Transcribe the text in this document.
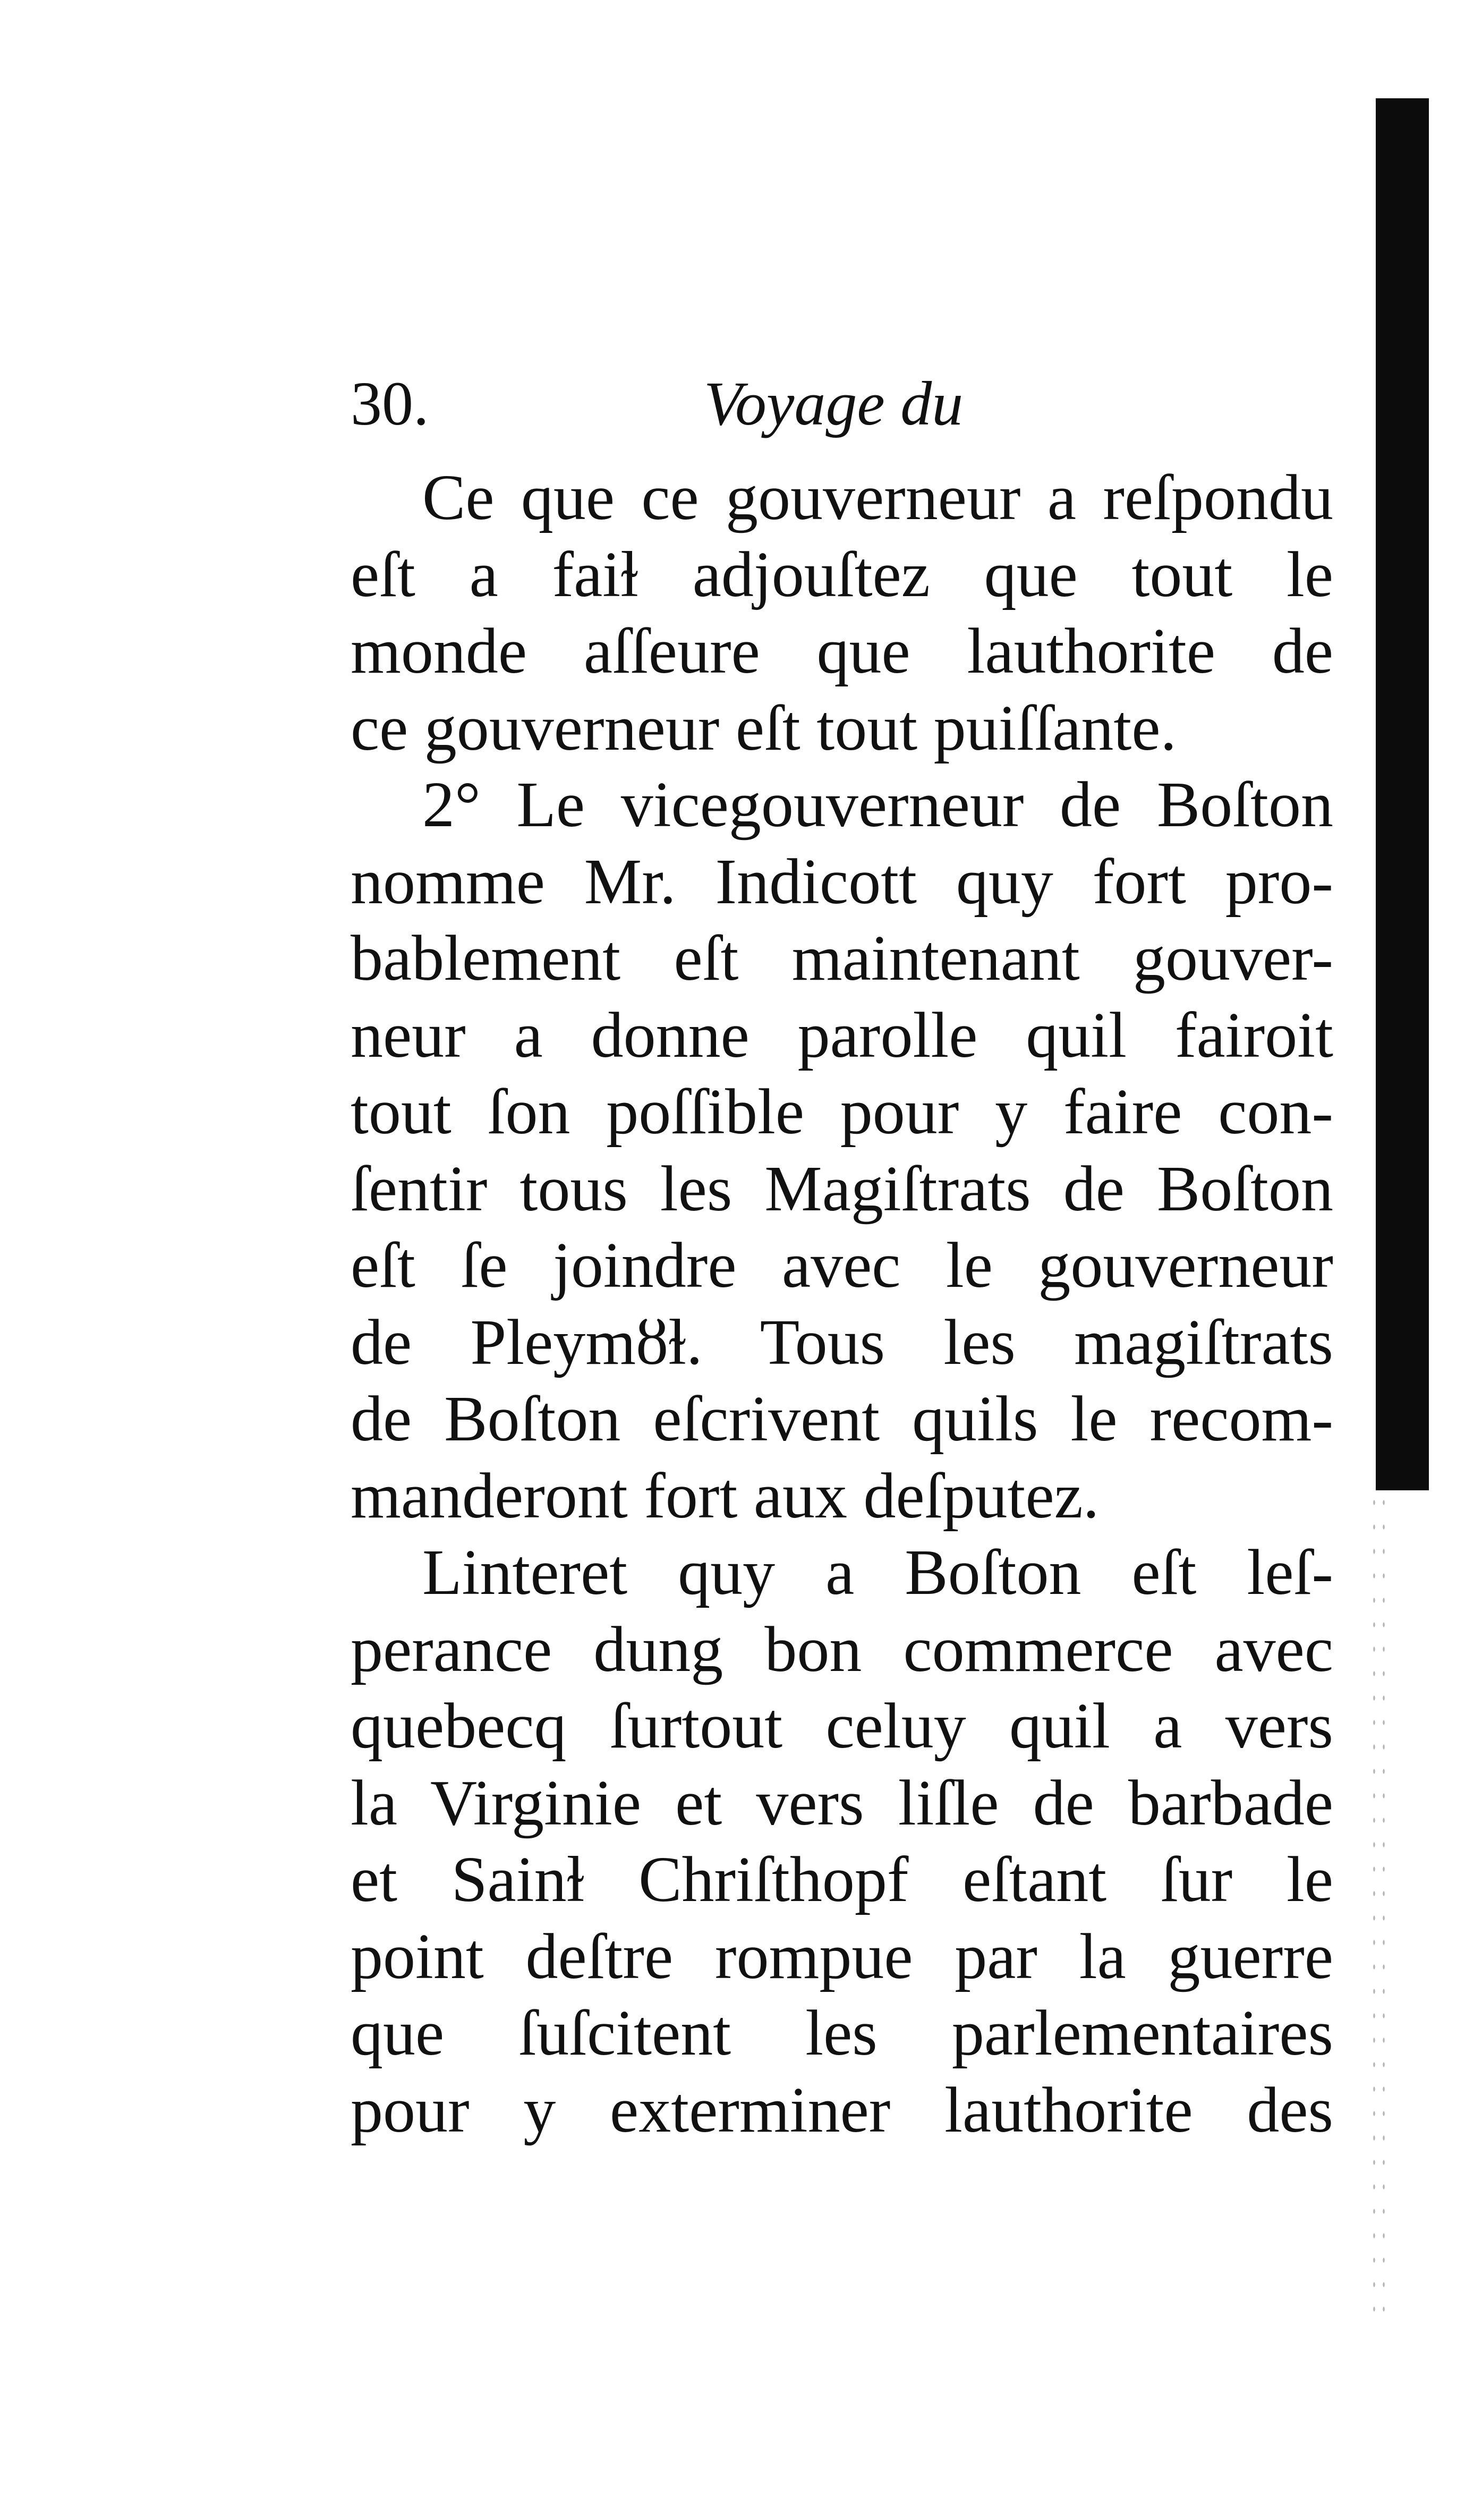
30.	Voyage du
Ce que ce gouverneur a reſpondu
eſt a faiɫ adjouſtez que tout le
monde aſſeure que lauthorite de
ce gouverneur eſt tout puiſſante.
2° Le vicegouverneur de Boſton
nomme Mr. Indicott quy fort pro-
bablement eſt maintenant gouver-
neur a donne parolle quil fairoit
tout ſon poſſible pour y faire con-
ſentir tous les Magiſtrats de Boſton
eſt ſe joindre avec le gouverneur
de Pleymȣɫ. Tous les magiſtrats
de Boſton eſcrivent quils le recom-
manderont fort aux deſputez.
Linteret quy a Boſton eſt leſ-
perance dung bon commerce avec
quebecq ſurtout celuy quil a vers
la Virginie et vers liſle de barbade
et Sainɫ Chriſthopf eſtant ſur le
point deſtre rompue par la guerre
que ſuſcitent les parlementaires
pour y exterminer lauthorite des
